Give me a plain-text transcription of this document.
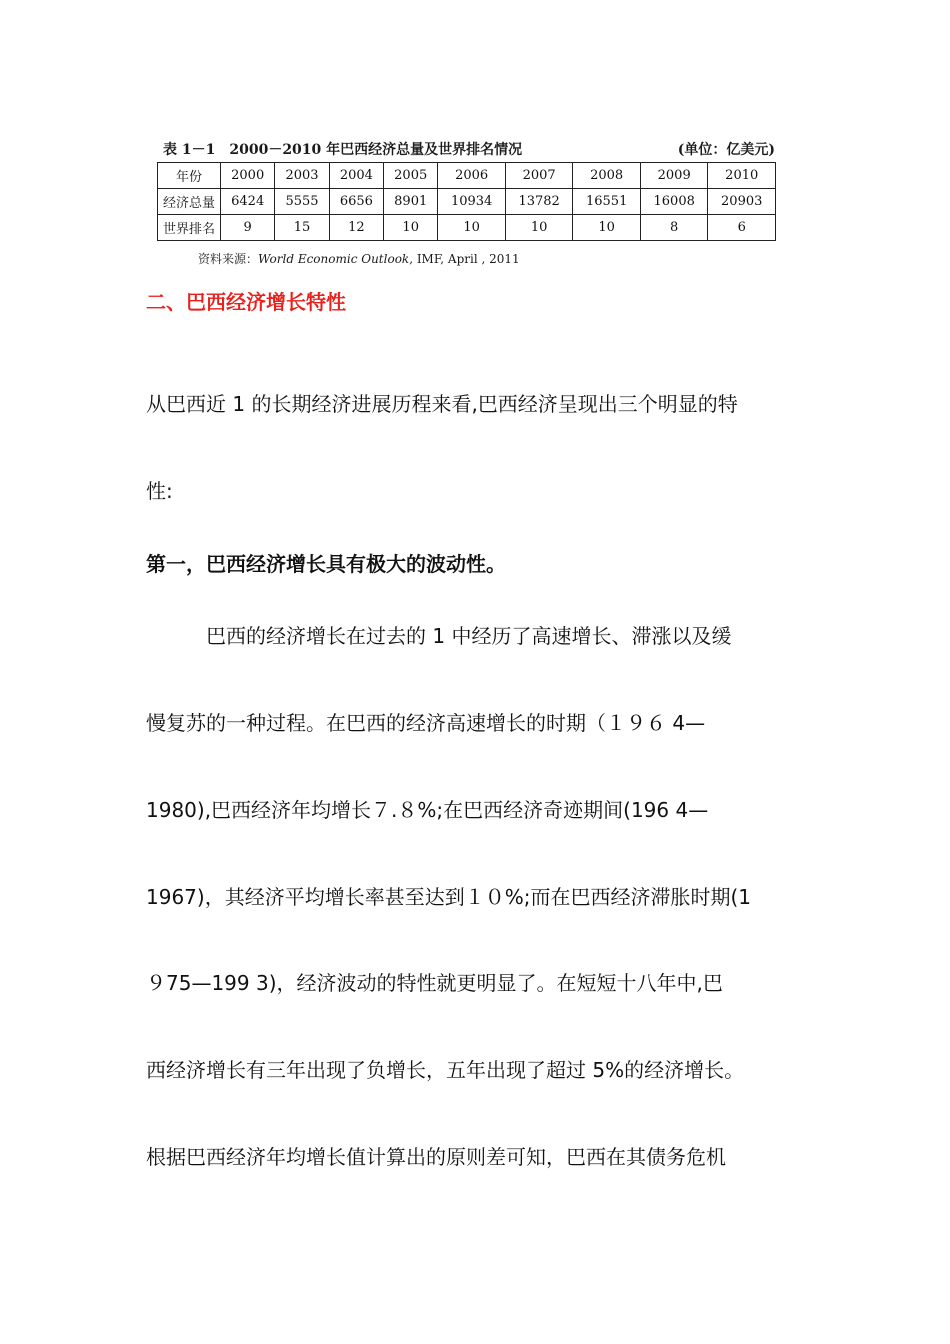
表 1－1　2000－2010 年巴西经济总量及世界排名情况	(单位：亿美元)
年份	2000	2003	2004	2005	2006	2007	2008	2009	2010
经济总量	6424	5555	6656	8901	10934	13782	16551	16008	20903
世界排名	9	15	12	10	10	10	10	8	6
资料来源：World Economic Outlook, IMF, April , 2011
二、巴西经济增长特性

从巴西近 1 的长期经济进展历程来看,巴西经济呈现出三个明显的特

性:

第一，巴西经济增长具有极大的波动性。

　　　巴西的经济增长在过去的 1 中经历了高速增长、滞涨以及缓

慢复苏的一种过程。在巴西的经济高速增长的时期（１９６ 4—

1980),巴西经济年均增长７.８%;在巴西经济奇迹期间(196 4—

1967)，其经济平均增长率甚至达到１０%;而在巴西经济滞胀时期(1

９75—199 3)，经济波动的特性就更明显了。在短短十八年中,巴

西经济增长有三年出现了负增长，五年出现了超过 5%的经济增长。

根据巴西经济年均增长值计算出的原则差可知，巴西在其债务危机
